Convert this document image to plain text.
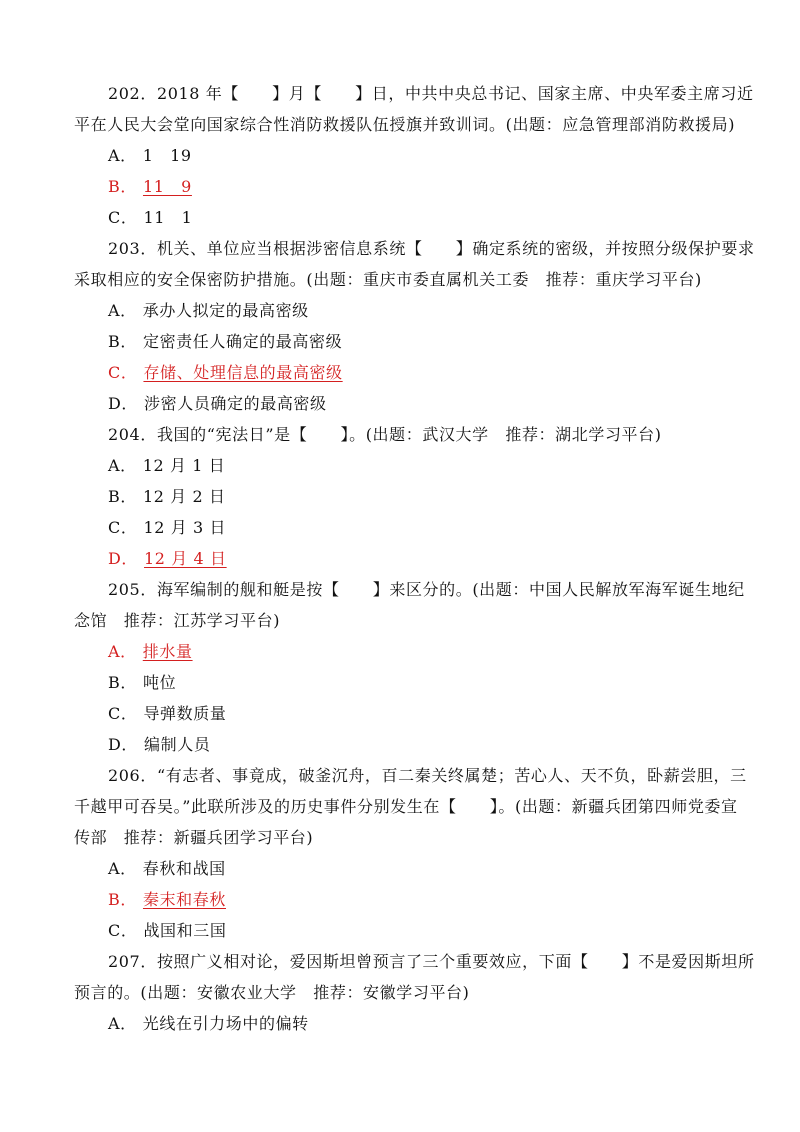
202．2018 年【　　】月【　　】日，中共中央总书记、国家主席、中央军委主席习近
平在人民大会堂向国家综合性消防救援队伍授旗并致训词。(出题：应急管理部消防救援局)
A． 1　19
B． 11　9
C． 11　1
203．机关、单位应当根据涉密信息系统【　　】确定系统的密级，并按照分级保护要求
采取相应的安全保密防护措施。(出题：重庆市委直属机关工委　推荐：重庆学习平台)
A． 承办人拟定的最高密级
B． 定密责任人确定的最高密级
C． 存储、处理信息的最高密级
D． 涉密人员确定的最高密级
204．我国的“宪法日”是【　　】。(出题：武汉大学　推荐：湖北学习平台)
A． 12 月 1 日
B． 12 月 2 日
C． 12 月 3 日
D． 12 月 4 日
205．海军编制的舰和艇是按【　　】来区分的。(出题：中国人民解放军海军诞生地纪
念馆　推荐：江苏学习平台)
A． 排水量
B． 吨位
C． 导弹数质量
D． 编制人员
206．“有志者、事竟成，破釜沉舟，百二秦关终属楚；苦心人、天不负，卧薪尝胆，三
千越甲可吞吴。”此联所涉及的历史事件分别发生在【　　】。(出题：新疆兵团第四师党委宣
传部　推荐：新疆兵团学习平台)
A． 春秋和战国
B． 秦末和春秋
C． 战国和三国
207．按照广义相对论，爱因斯坦曾预言了三个重要效应，下面【　　】不是爱因斯坦所
预言的。(出题：安徽农业大学　推荐：安徽学习平台)
A． 光线在引力场中的偏转
